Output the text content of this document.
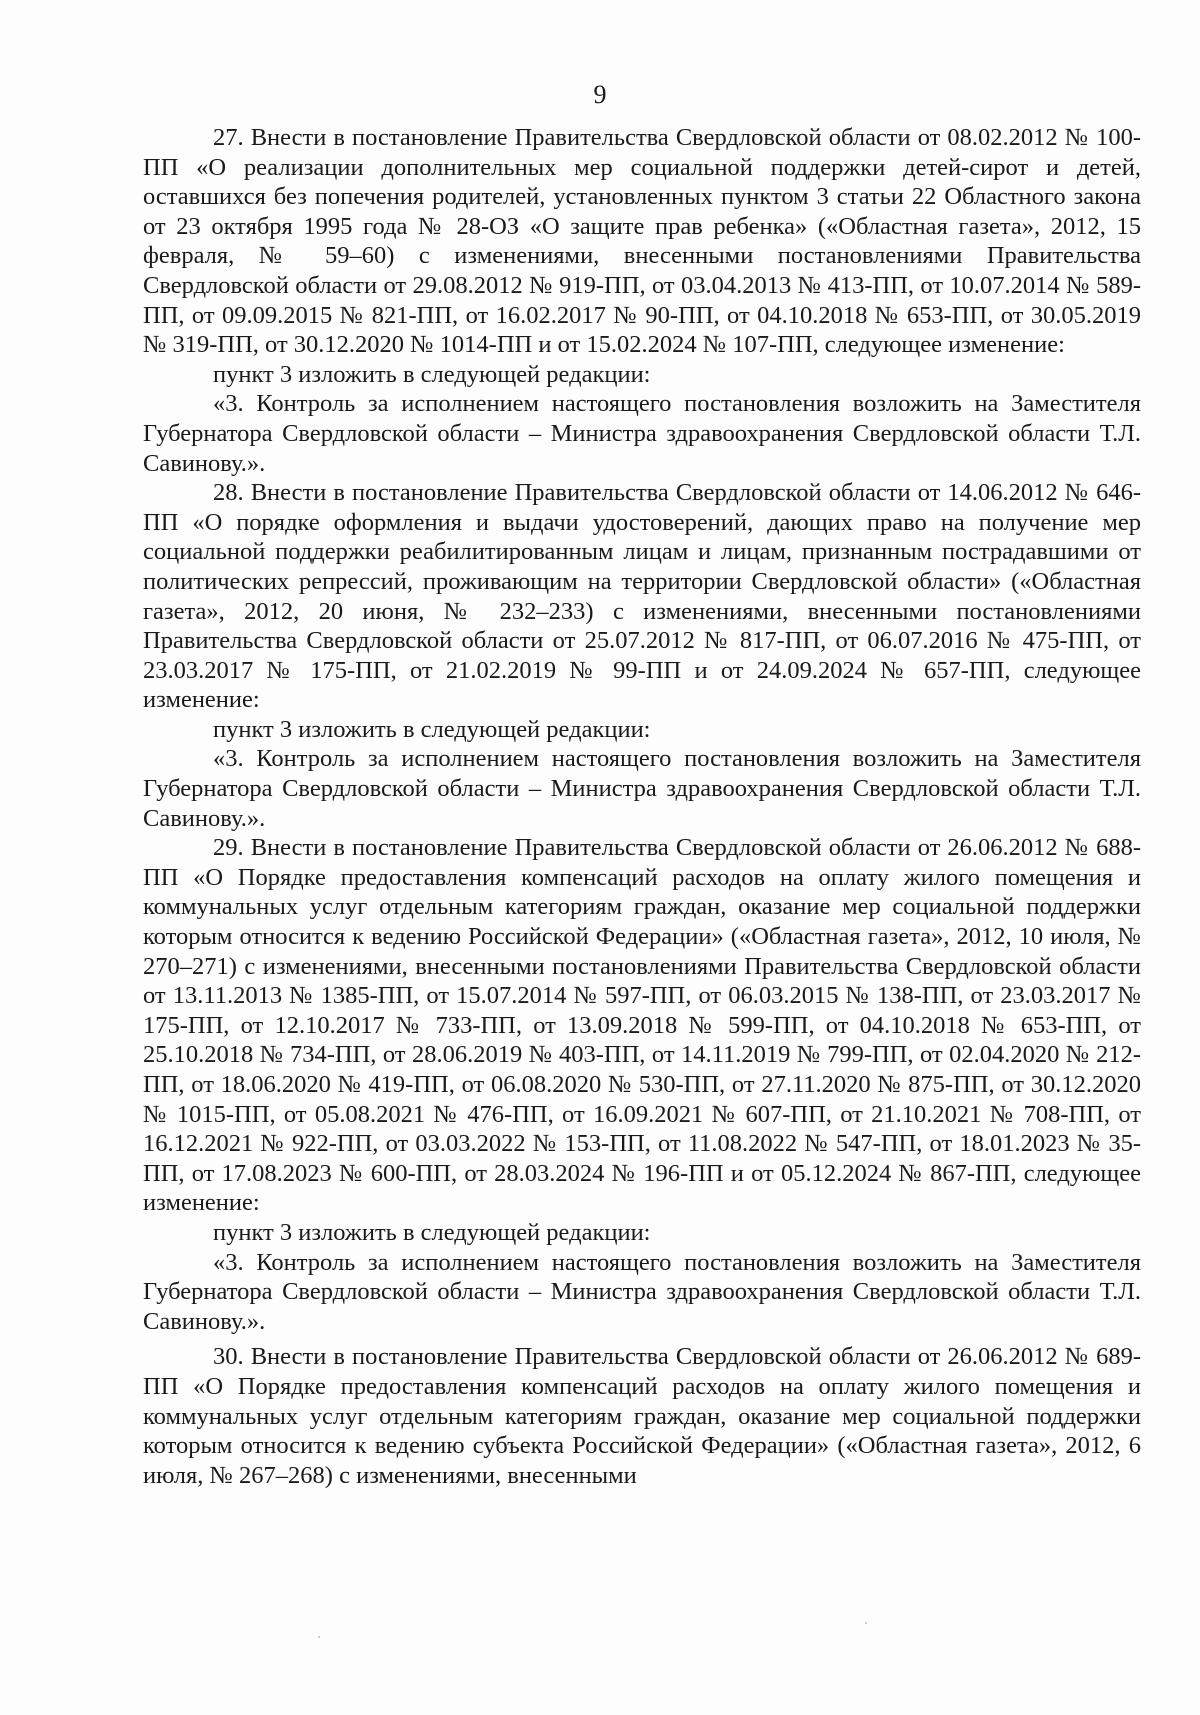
9

27. Внести в постановление Правительства Свердловской области от 08.02.2012 № 100-ПП «О реализации дополнительных мер социальной поддержки детей-сирот и детей, оставшихся без попечения родителей, установленных пунктом 3 статьи 22 Областного закона от 23 октября 1995 года № 28-ОЗ «О защите прав ребенка» («Областная газета», 2012, 15 февраля, № 59–60) с изменениями, внесенными постановлениями Правительства Свердловской области от 29.08.2012 № 919-ПП, от 03.04.2013 № 413-ПП, от 10.07.2014 № 589-ПП, от 09.09.2015 № 821-ПП, от 16.02.2017 № 90-ПП, от 04.10.2018 № 653-ПП, от 30.05.2019 № 319-ПП, от 30.12.2020 № 1014-ПП и от 15.02.2024 № 107-ПП, следующее изменение:

пункт 3 изложить в следующей редакции:

«3. Контроль за исполнением настоящего постановления возложить на Заместителя Губернатора Свердловской области – Министра здравоохранения Свердловской области Т.Л. Савинову.».

28. Внести в постановление Правительства Свердловской области от 14.06.2012 № 646-ПП «О порядке оформления и выдачи удостоверений, дающих право на получение мер социальной поддержки реабилитированным лицам и лицам, признанным пострадавшими от политических репрессий, проживающим на территории Свердловской области» («Областная газета», 2012, 20 июня, № 232–233) с изменениями, внесенными постановлениями Правительства Свердловской области от 25.07.2012 № 817-ПП, от 06.07.2016 № 475-ПП, от 23.03.2017 № 175-ПП, от 21.02.2019 № 99-ПП и от 24.09.2024 № 657-ПП, следующее изменение:

пункт 3 изложить в следующей редакции:

«3. Контроль за исполнением настоящего постановления возложить на Заместителя Губернатора Свердловской области – Министра здравоохранения Свердловской области Т.Л. Савинову.».

29. Внести в постановление Правительства Свердловской области от 26.06.2012 № 688-ПП «О Порядке предоставления компенсаций расходов на оплату жилого помещения и коммунальных услуг отдельным категориям граждан, оказание мер социальной поддержки которым относится к ведению Российской Федерации» («Областная газета», 2012, 10 июля, № 270–271) с изменениями, внесенными постановлениями Правительства Свердловской области от 13.11.2013 № 1385-ПП, от 15.07.2014 № 597-ПП, от 06.03.2015 № 138-ПП, от 23.03.2017 № 175-ПП, от 12.10.2017 № 733-ПП, от 13.09.2018 № 599-ПП, от 04.10.2018 № 653-ПП, от 25.10.2018 № 734-ПП, от 28.06.2019 № 403-ПП, от 14.11.2019 № 799-ПП, от 02.04.2020 № 212-ПП, от 18.06.2020 № 419-ПП, от 06.08.2020 № 530-ПП, от 27.11.2020 № 875-ПП, от 30.12.2020 № 1015-ПП, от 05.08.2021 № 476-ПП, от 16.09.2021 № 607-ПП, от 21.10.2021 № 708-ПП, от 16.12.2021 № 922-ПП, от 03.03.2022 № 153-ПП, от 11.08.2022 № 547-ПП, от 18.01.2023 № 35-ПП, от 17.08.2023 № 600-ПП, от 28.03.2024 № 196-ПП и от 05.12.2024 № 867-ПП, следующее изменение:

пункт 3 изложить в следующей редакции:

«3. Контроль за исполнением настоящего постановления возложить на Заместителя Губернатора Свердловской области – Министра здравоохранения Свердловской области Т.Л. Савинову.».

30. Внести в постановление Правительства Свердловской области от 26.06.2012 № 689-ПП «О Порядке предоставления компенсаций расходов на оплату жилого помещения и коммунальных услуг отдельным категориям граждан, оказание мер социальной поддержки которым относится к ведению субъекта Российской Федерации» («Областная газета», 2012, 6 июля, № 267–268) с изменениями, внесенными
